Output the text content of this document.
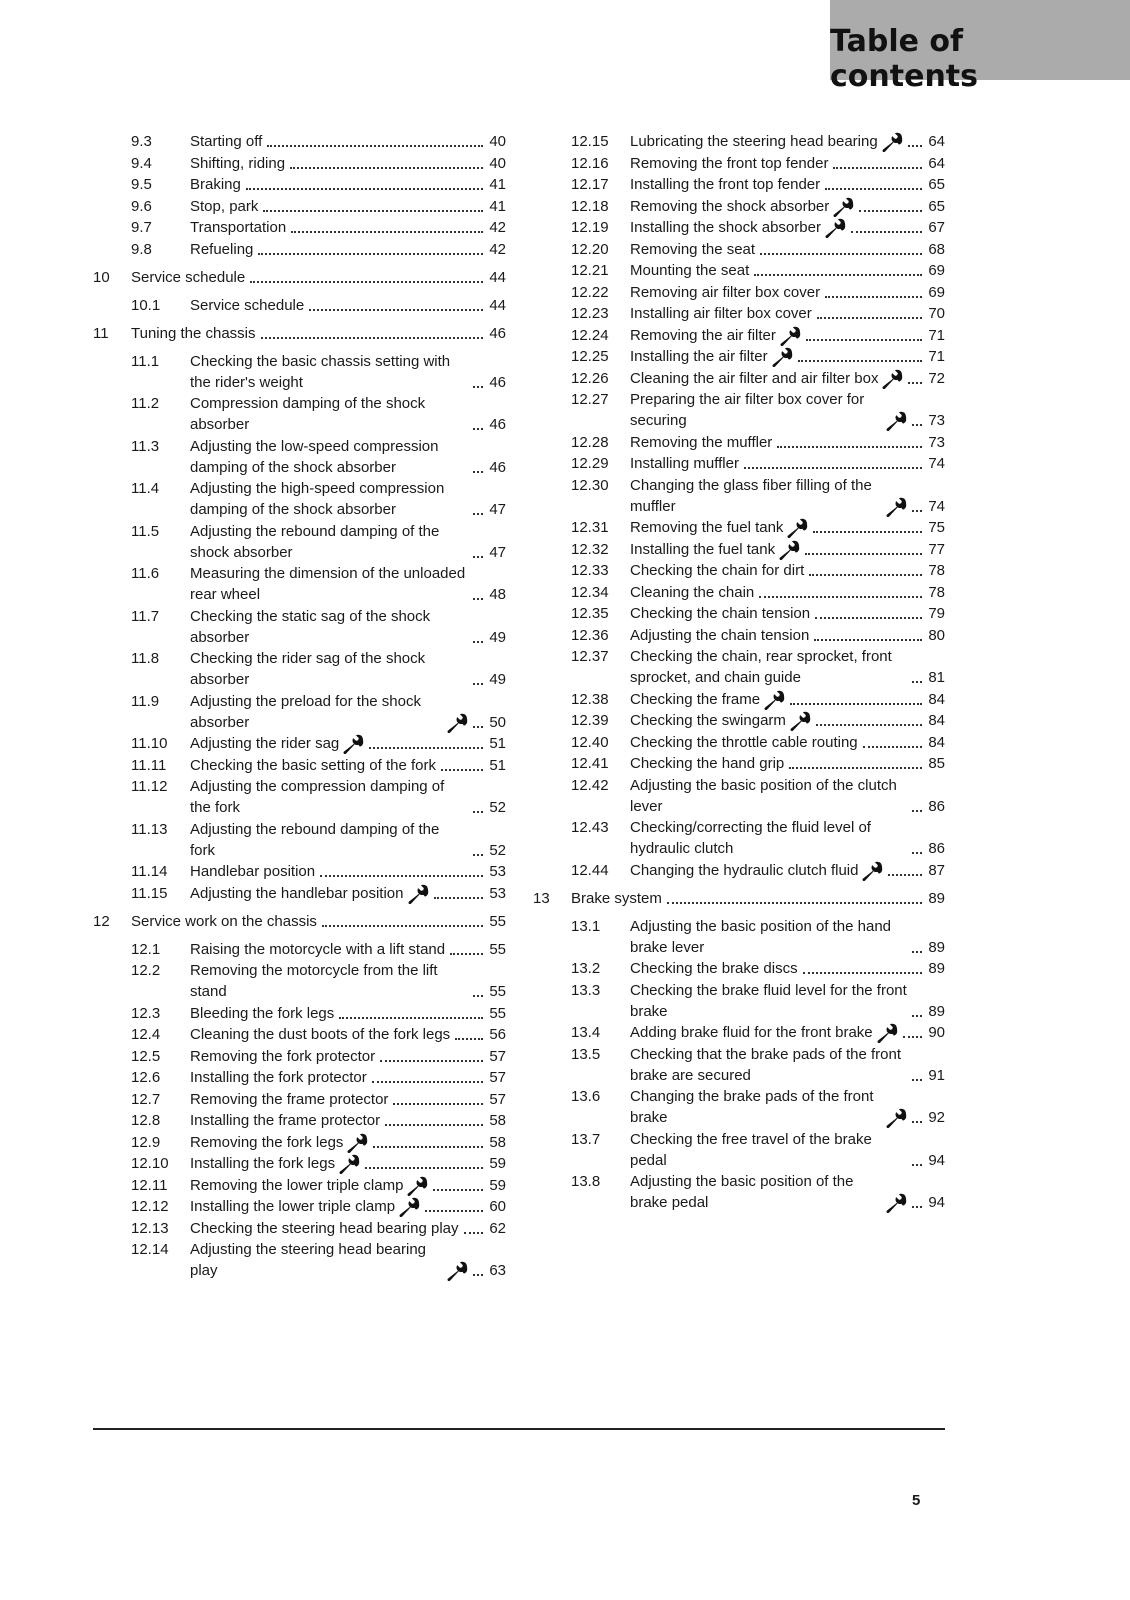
Table of contents
9.3	Starting off	40
9.4	Shifting, riding	40
9.5	Braking	41
9.6	Stop, park	41
9.7	Transportation	42
9.8	Refueling	42
10	Service schedule	44
10.1	Service schedule	44
11	Tuning the chassis	46
11.1	Checking the basic chassis setting with the rider's weight	46
11.2	Compression damping of the shock absorber	46
11.3	Adjusting the low-speed compression damping of the shock absorber	46
11.4	Adjusting the high-speed compression damping of the shock absorber	47
11.5	Adjusting the rebound damping of the shock absorber	47
11.6	Measuring the dimension of the unloaded rear wheel	48
11.7	Checking the static sag of the shock absorber	49
11.8	Checking the rider sag of the shock absorber	49
11.9	Adjusting the preload for the shock absorber	50
11.10	Adjusting the rider sag	51
11.11	Checking the basic setting of the fork	51
11.12	Adjusting the compression damping of the fork	52
11.13	Adjusting the rebound damping of the fork	52
11.14	Handlebar position	53
11.15	Adjusting the handlebar position	53
12	Service work on the chassis	55
12.1	Raising the motorcycle with a lift stand	55
12.2	Removing the motorcycle from the lift stand	55
12.3	Bleeding the fork legs	55
12.4	Cleaning the dust boots of the fork legs	56
12.5	Removing the fork protector	57
12.6	Installing the fork protector	57
12.7	Removing the frame protector	57
12.8	Installing the frame protector	58
12.9	Removing the fork legs	58
12.10	Installing the fork legs	59
12.11	Removing the lower triple clamp	59
12.12	Installing the lower triple clamp	60
12.13	Checking the steering head bearing play 62
12.14	Adjusting the steering head bearing play	63
12.15	Lubricating the steering head bearing	64
12.16	Removing the front top fender	64
12.17	Installing the front top fender	65
12.18	Removing the shock absorber	65
12.19	Installing the shock absorber	67
12.20	Removing the seat	68
12.21	Mounting the seat	69
12.22	Removing air filter box cover	69
12.23	Installing air filter box cover	70
12.24	Removing the air filter	71
12.25	Installing the air filter	71
12.26	Cleaning the air filter and air filter box	72
12.27	Preparing the air filter box cover for securing	73
12.28	Removing the muffler	73
12.29	Installing muffler	74
12.30	Changing the glass fiber filling of the muffler	74
12.31	Removing the fuel tank	75
12.32	Installing the fuel tank	77
12.33	Checking the chain for dirt	78
12.34	Cleaning the chain	78
12.35	Checking the chain tension	79
12.36	Adjusting the chain tension	80
12.37	Checking the chain, rear sprocket, front sprocket, and chain guide	81
12.38	Checking the frame	84
12.39	Checking the swingarm	84
12.40	Checking the throttle cable routing	84
12.41	Checking the hand grip	85
12.42	Adjusting the basic position of the clutch lever	86
12.43	Checking/correcting the fluid level of hydraulic clutch	86
12.44	Changing the hydraulic clutch fluid	87
13	Brake system	89
13.1	Adjusting the basic position of the hand brake lever	89
13.2	Checking the brake discs	89
13.3	Checking the brake fluid level for the front brake	89
13.4	Adding brake fluid for the front brake	90
13.5	Checking that the brake pads of the front brake are secured	91
13.6	Changing the brake pads of the front brake	92
13.7	Checking the free travel of the brake pedal	94
13.8	Adjusting the basic position of the brake pedal	94
5
